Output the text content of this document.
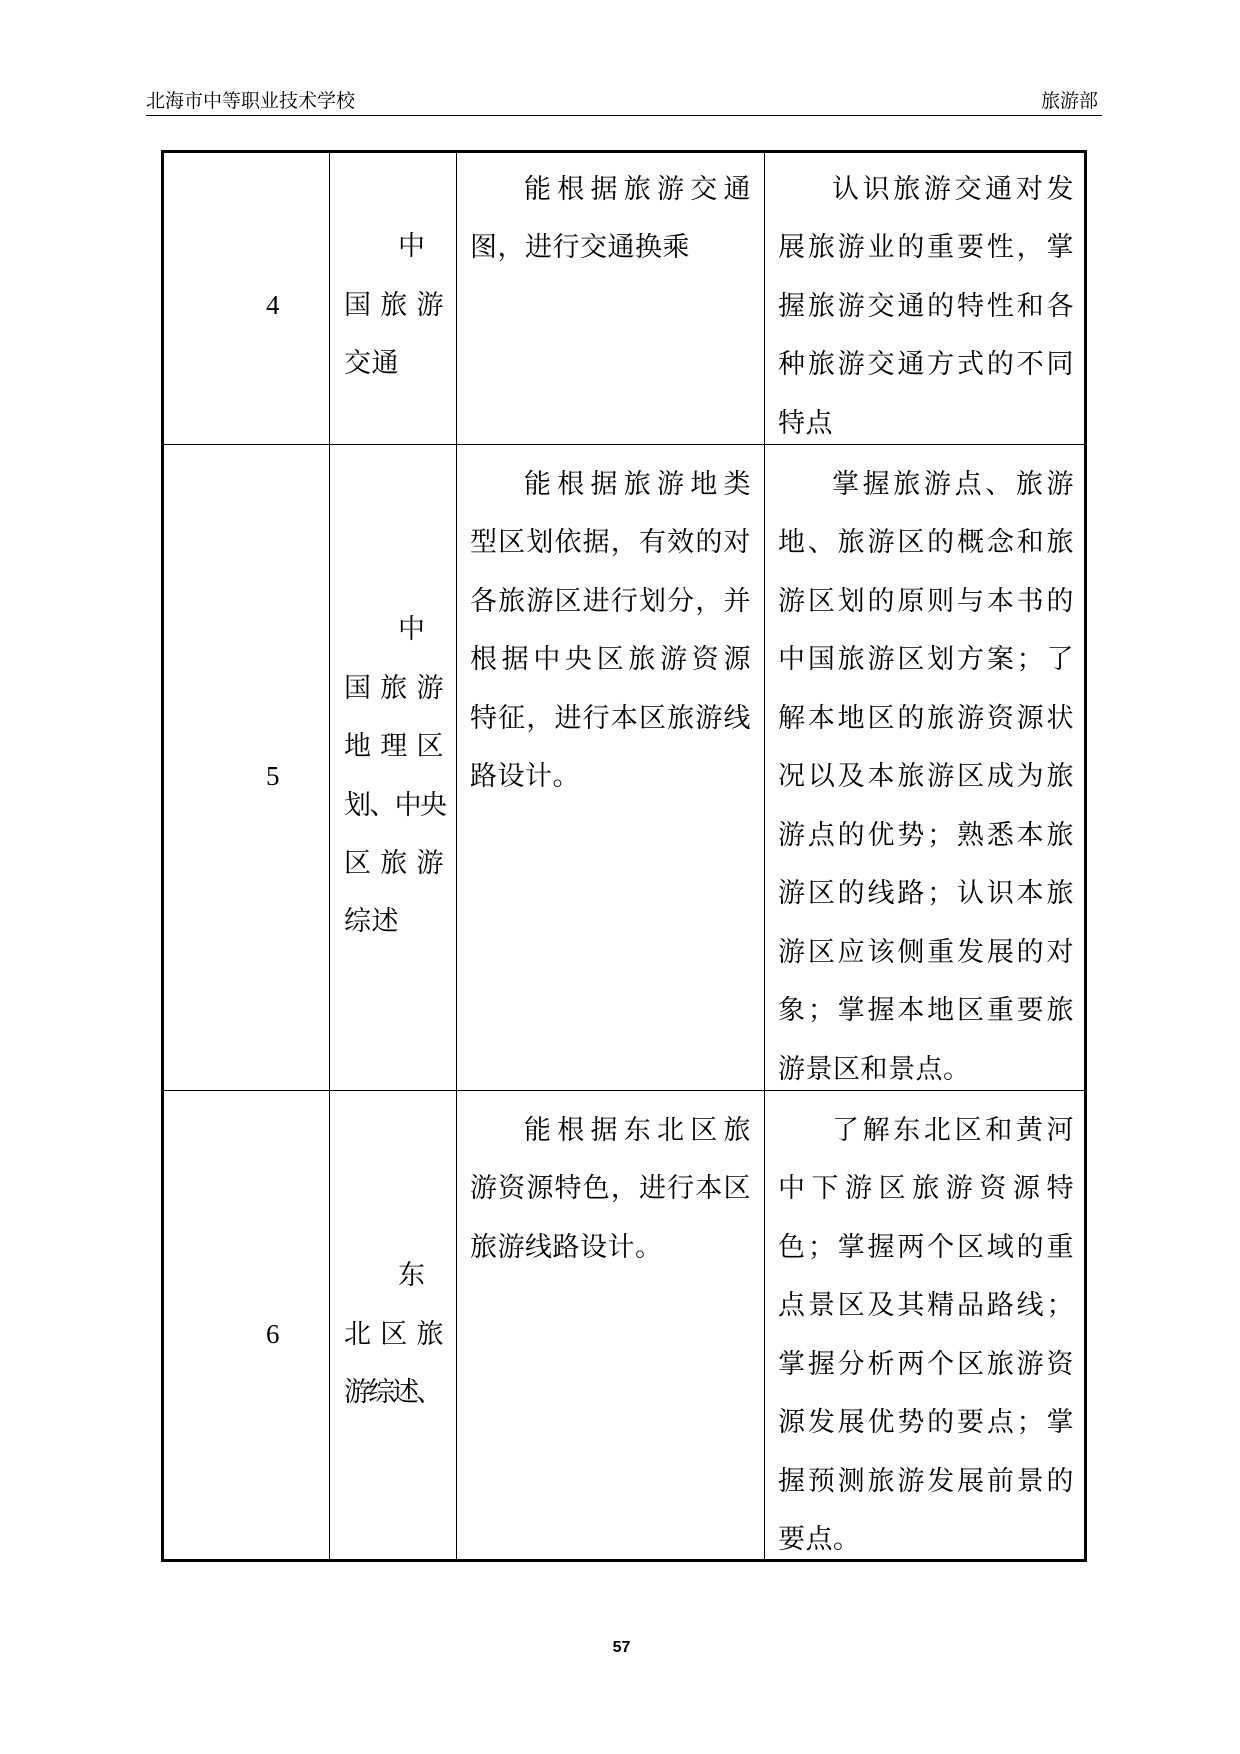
北海市中等职业技术学校	旅游部
4
中
国旅游
交通
能根据旅游交通
图，进行交通换乘
认识旅游交通对发
展旅游业的重要性，掌
握旅游交通的特性和各
种旅游交通方式的不同
特点
5
中
国旅游
地理区
划、中央
区旅游
综述
能根据旅游地类
型区划依据，有效的对
各旅游区进行划分，并
根据中央区旅游资源
特征，进行本区旅游线
路设计。
掌握旅游点、旅游
地、旅游区的概念和旅
游区划的原则与本书的
中国旅游区划方案；了
解本地区的旅游资源状
况以及本旅游区成为旅
游点的优势；熟悉本旅
游区的线路；认识本旅
游区应该侧重发展的对
象；掌握本地区重要旅
游景区和景点。
6
东
北区旅
游综述、
能根据东北区旅
游资源特色，进行本区
旅游线路设计。
了解东北区和黄河
中下游区旅游资源特
色；掌握两个区域的重
点景区及其精品路线；
掌握分析两个区旅游资
源发展优势的要点；掌
握预测旅游发展前景的
要点。
57
